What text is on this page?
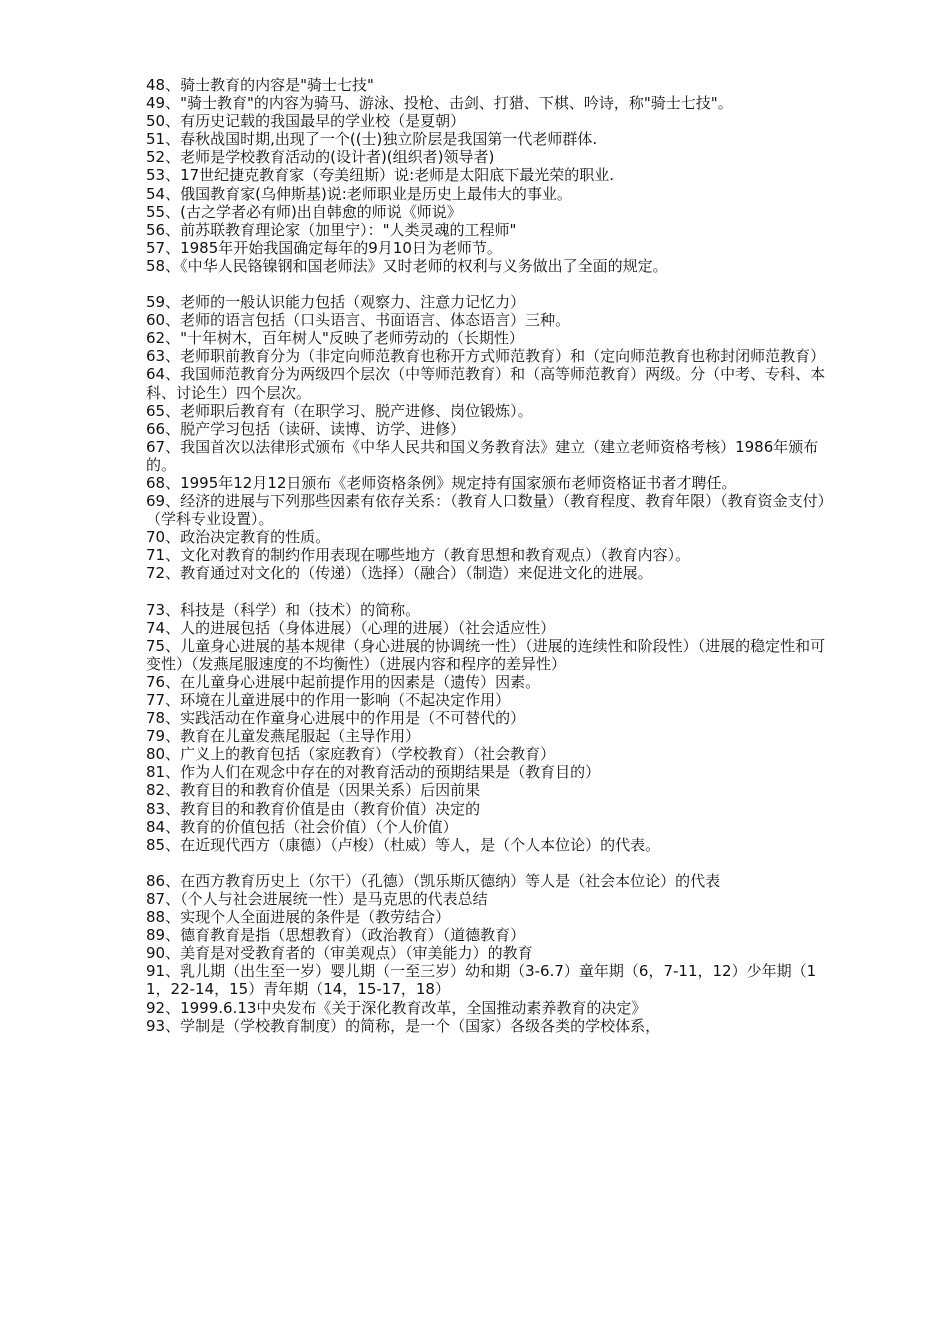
48、骑士教育的内容是"骑士七技"

49、"骑士教育"的内容为骑马、游泳、投枪、击剑、打猎、下棋、吟诗，称"骑士七技"。

50、有历史记载的我国最早的学业校（是夏朝）

51、春秋战国时期,出现了一个((士)独立阶层是我国第一代老师群体.

52、老师是学校教育活动的(设计者)(组织者)领导者)

53、17世纪捷克教育家（夸美纽斯）说:老师是太阳底下最光荣的职业.

54、俄国教育家(乌伸斯基)说:老师职业是历史上最伟大的事业。

55、(古之学者必有师)出自韩愈的师说《师说》

56、前苏联教育理论家（加里宁）："人类灵魂的工程师"

57、1985年开始我国确定每年的9月10日为老师节。

58、《中华人民铬镍钢和国老师法》又时老师的权利与义务做出了全面的规定。

59、老师的一般认识能力包括（观察力、注意力记忆力）

60、老师的语言包括（口头语言、书面语言、体态语言）三种。

62、"十年树木，百年树人"反映了老师劳动的（长期性）

63、老师职前教育分为（非定向师范教育也称开方式师范教育）和（定向师范教育也称封闭师范教育）

64、我国师范教育分为两级四个层次（中等师范教育）和（高等师范教育）两级。分（中考、专科、本科、讨论生）四个层次。

65、老师职后教育有（在职学习、脱产进修、岗位锻炼）。

66、脱产学习包括（读研、读博、访学、进修）

67、我国首次以法律形式颁布《中华人民共和国义务教育法》建立（建立老师资格考核）1986年颁布的。

68、1995年12月12日颁布《老师资格条例》规定持有国家颁布老师资格证书者才聘任。

69、经济的进展与下列那些因素有依存关系：（教育人口数量）（教育程度、教育年限）（教育资金支付）（学科专业设置）。

70、政治决定教育的性质。

71、文化对教育的制约作用表现在哪些地方（教育思想和教育观点）（教育内容）。

72、教育通过对文化的（传递）（选择）（融合）（制造）来促进文化的进展。

73、科技是（科学）和（技术）的简称。

74、人的进展包括（身体进展）（心理的进展）（社会适应性）

75、儿童身心进展的基本规律（身心进展的协调统一性）（进展的连续性和阶段性）（进展的稳定性和可变性）（发燕尾服速度的不均衡性）（进展内容和程序的差异性）

76、在儿童身心进展中起前提作用的因素是（遗传）因素。

77、环境在儿童进展中的作用一影响（不起决定作用）

78、实践活动在作童身心进展中的作用是（不可替代的）

79、教育在儿童发燕尾服起（主导作用）

80、广义上的教育包括（家庭教育）（学校教育）（社会教育）

81、作为人们在观念中存在的对教育活动的预期结果是（教育目的）

82、教育目的和教育价值是（因果关系）后因前果

83、教育目的和教育价值是由（教育价值）决定的

84、教育的价值包括（社会价值）（个人价值）

85、在近现代西方（康德）（卢梭）（杜威）等人，是（个人本位论）的代表。

86、在西方教育历史上（尔干）（孔德）（凯乐斯仄德纳）等人是（社会本位论）的代表

87、（个人与社会进展统一性）是马克思的代表总结

88、实现个人全面进展的条件是（教劳结合）

89、德育教育是指（思想教育）（政治教育）（道德教育）

90、美育是对受教育者的（审美观点）（审美能力）的教育

91、乳儿期（出生至一岁）婴儿期（一至三岁）幼和期（3-6.7）童年期（6，7-11，12）少年期（11，22-14，15）青年期（14，15-17，18）

92、1999.6.13中央发布《关于深化教育改革，全国推动素养教育的决定》

93、学制是（学校教育制度）的简称，是一个（国家）各级各类的学校体系，
